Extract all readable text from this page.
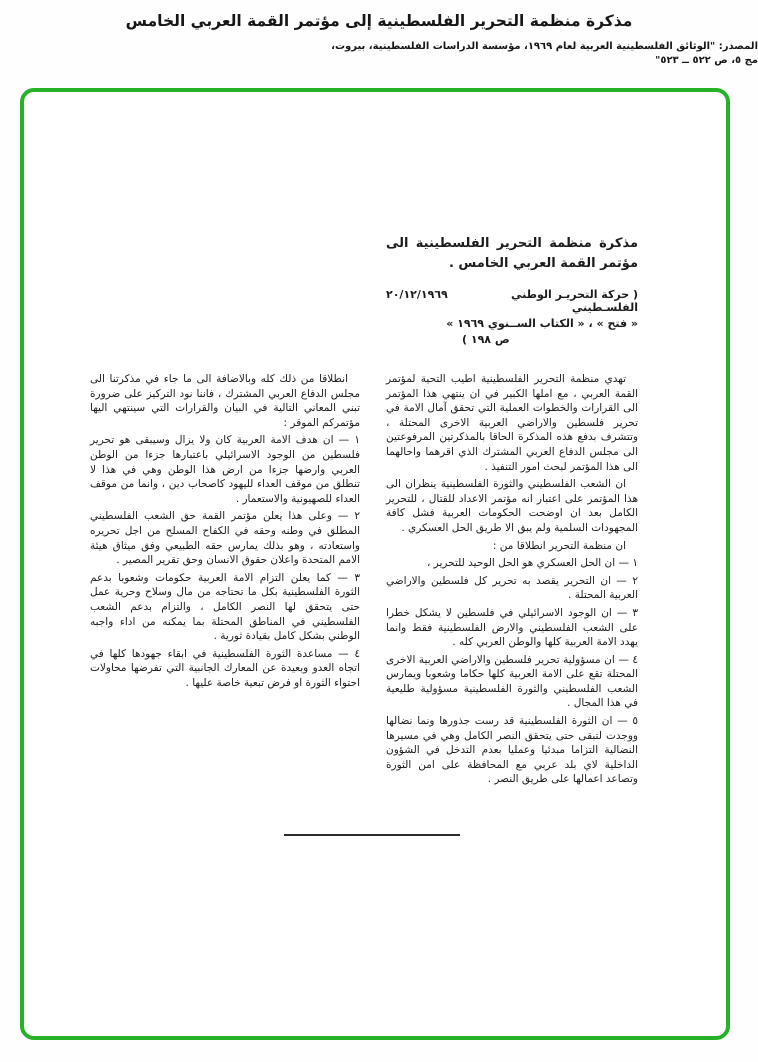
مذكرة منظمة التحرير الفلسطينية إلى مؤتمر القمة العربي الخامس
المصدر: "الوثائق الفلسطينية العربية لعام ١٩٦٩، مؤسسة الدراسات الفلسطينية، بيروت، مج ٥، ص ٥٢٢ ــ ٥٢٣"
مذكرة منظمة التحرير الفلسطينية الى مؤتمر القمة العربي الخامس .
٢٠/١٢/١٩٦٩	( حركة التحريـر الوطني الفلسـطيني
« فتح » ، « الكتاب الســنوي ١٩٦٩ »
ص ١٩٨ )

تهدي منظمة التحرير الفلسطينية اطيب التحية لمؤتمر القمة العربي ، مع املها الكبير في ان ينتهي هذا المؤتمر الى القرارات والخطوات العملية التي تحقق آمال الامة في تحرير فلسطين والاراضي العربية الاخرى المحتلة ، وتتشرف بدفع هذه المذكرة الحاقا بالمذكرتين المرفوعتين الى مجلس الدفاع العربي المشترك الذي اقرهما واحالهما الى هذا المؤتمر لبحث امور التنفيذ .

ان الشعب الفلسطيني والثورة الفلسطينية ينظران الى هذا المؤتمر على اعتبار انه مؤتمر الاعداد للقتال ، للتحرير الكامل بعد ان اوضحت الحكومات العربية فشل كافة المجهودات السلمية ولم يبق الا طريق الحل العسكري .

ان منظمة التحرير انطلاقا من :

١ — ان الحل العسكري هو الحل الوحيد للتحرير ،

٢ — ان التحرير يقصد به تحرير كل فلسطين والاراضي العربية المحتلة .

٣ — ان الوجود الاسرائيلي في فلسطين لا يشكل خطرا على الشعب الفلسطيني والارض الفلسطينية فقط وانما يهدد الامة العربية كلها والوطن العربي كله .

٤ — ان مسؤولية تحرير فلسطين والاراضي العربية الاخرى المحتلة تقع على الامة العربية كلها حكاما وشعوبا ويمارس الشعب الفلسطيني والثورة الفلسطينية مسؤولية طليعية في هذا المجال .

٥ — ان الثورة الفلسطينية قد رست جذورها ونما نضالها ووجدت لتبقى حتى يتحقق النصر الكامل وهي في مسيرها النضالية التزاما مبدئيا وعمليا بعدم التدخل في الشؤون الداخلية لاي بلد عربي مع المحافظة على امن الثورة وتصاعد اعمالها على طريق النصر .

انطلاقا من ذلك كله وبالاضافة الى ما جاء في مذكرتنا الى مجلس الدفاع العربي المشترك ، فاننا نود التركيز على ضرورة تبني المعاني التالية في البيان والقرارات التي سينتهي اليها مؤتمركم الموقر :

١ — ان هدف الامة العربية كان ولا يزال وسيبقى هو تحرير فلسطين من الوجود الاسرائيلي باعتبارها جزءا من الوطن العربي وارضها جزءا من ارض هذا الوطن وهي في هذا لا تنطلق من موقف العداء لليهود كاصحاب دين ، وانما من موقف العداء للصهيونية والاستعمار .

٢ — وعلى هذا يعلن مؤتمر القمة حق الشعب الفلسطيني المطلق في وطنه وحقه في الكفاح المسلح من اجل تحريره واستعادته ، وهو بذلك يمارس حقه الطبيعي وفق ميثاق هيئة الامم المتحدة واعلان حقوق الانسان وحق تقرير المصير .

٣ — كما يعلن التزام الامة العربية حكومات وشعوبا بدعم الثورة الفلسطينية بكل ما تحتاجه من مال وسلاح وحرية عمل حتى يتحقق لها النصر الكامل ، والتزام بدعم الشعب الفلسطيني في المناطق المحتلة بما يمكنه من اداء واجبه الوطني بشكل كامل بقيادة ثورية .

٤ — مساعدة الثورة الفلسطينية في ابقاء جهودها كلها في اتجاه العدو وبعيدة عن المعارك الجانبية التي تفرضها محاولات احتواء الثورة او فرض تبعية خاصة عليها .
